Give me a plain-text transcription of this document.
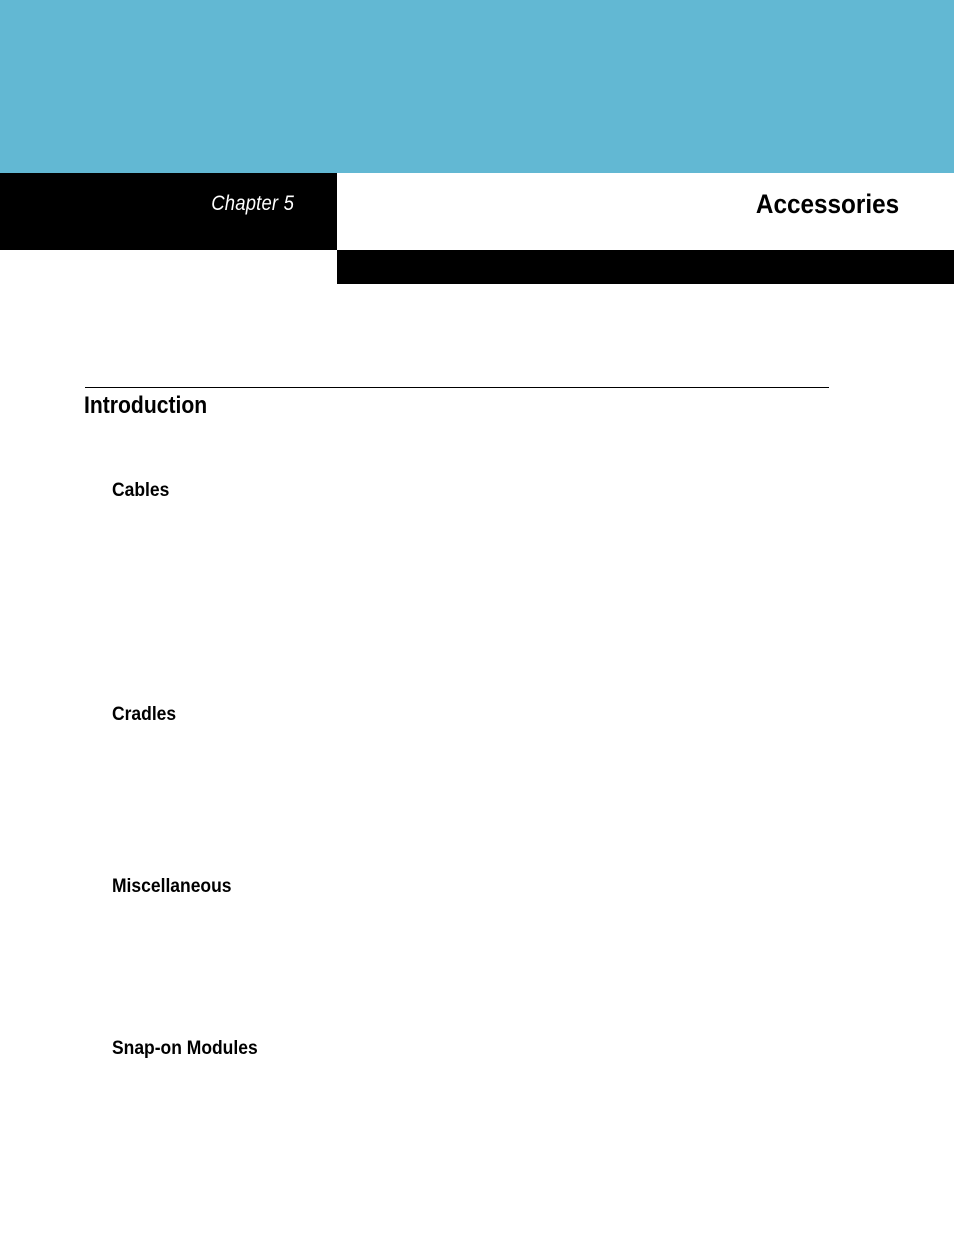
Chapter 5	Accessories
Introduction
Cables
Cradles
Miscellaneous
Snap-on Modules
